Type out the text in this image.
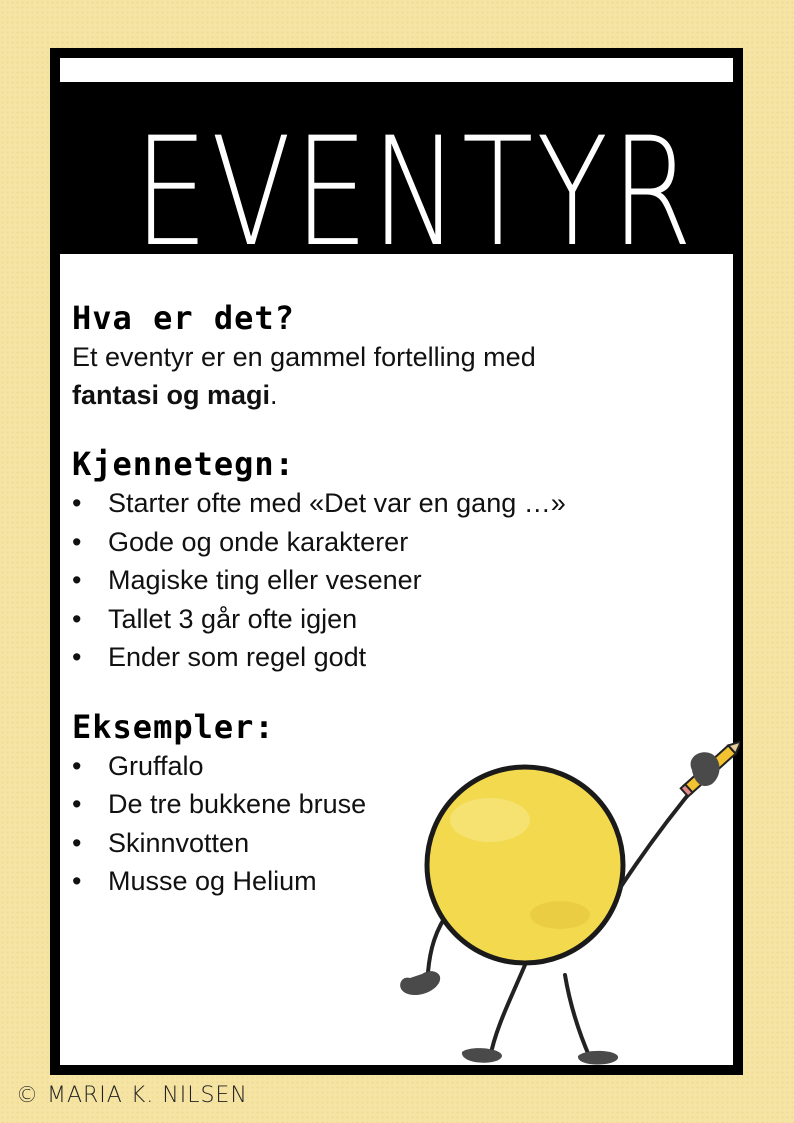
EVENTYR
Hva er det?

Et eventyr er en gammel fortelling med
fantasi og magi.

Kjennetegn:
• Starter ofte med «Det var en gang …»
• Gode og onde karakterer
• Magiske ting eller vesener
• Tallet 3 går ofte igjen
• Ender som regel godt
Eksempler:
• Gruffalo
• De tre bukkene bruse
• Skinnvotten
• Musse og Helium
© MARIA K. NILSEN
